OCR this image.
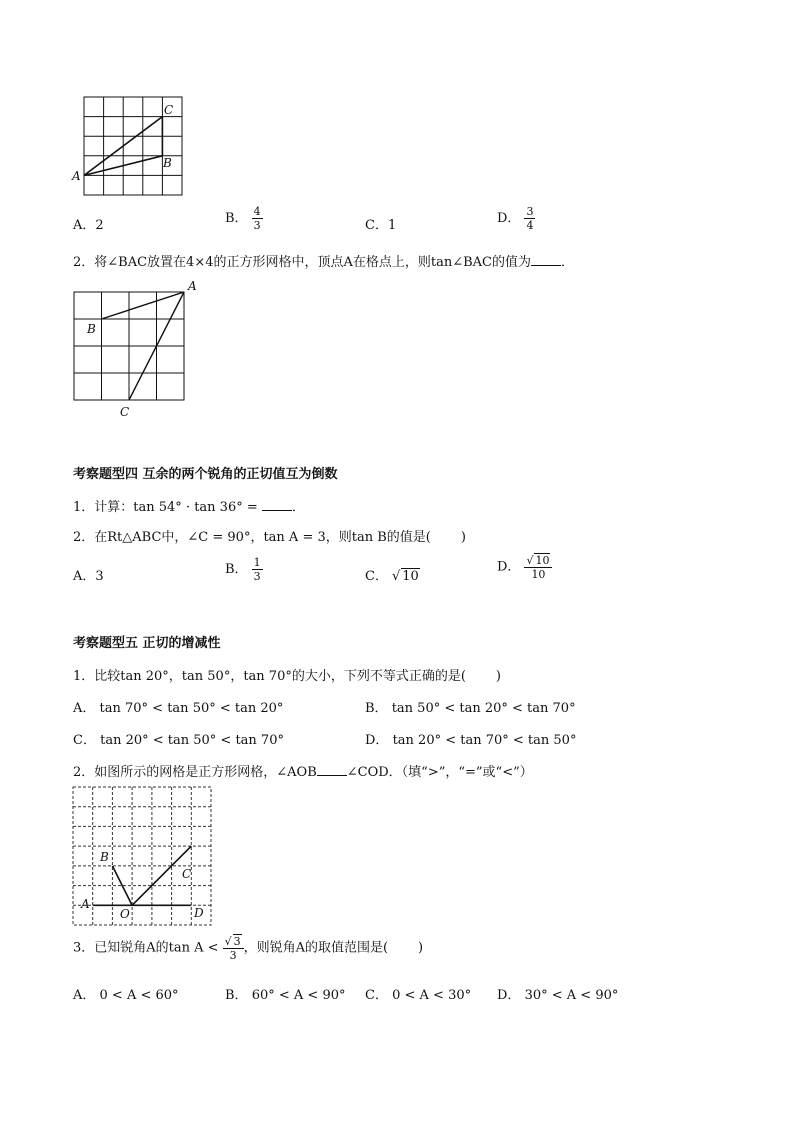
A
C
B
A．2	B． $\frac{4}{3}$	C．1	D． $\frac{3}{4}$
2．将∠BAC放置在4×4的正方形网格中，顶点A在格点上，则tan∠BAC的值为 ．
A
B
C
考察题型四 互余的两个锐角的正切值互为倒数
1．计算：tan 54° · tan 36° =	．
2．在Rt△ABC中，∠C = 90°，tan A = 3，则tan B的值是( )
A．3	B． $\frac{1}{3}$	C． √ 10
D． $\frac{√ 10}{10}$
考察题型五 正切的增减性
1．比较tan 20°，tan 50°，tan 70°的大小，下列不等式正确的是( )
A． tan 70° < tan 50° < tan 20°	B． tan 50° < tan 20° < tan 70°
C． tan 20° < tan 50° < tan 70°	D． tan 20° < tan 70° < tan 50°
2．如图所示的网格是正方形网格，∠AOB ∠COD．（填“>”，“=”或“<”）
A
B
C
D
O
3．已知锐角A的$\tan A < \frac{√ 3}{3}$ ，则锐角A的取值范围是( )
A． 0 < A < 60°	B． 60° < A < 90° C． 0 < A < 30° D． 30° < A < 90°
